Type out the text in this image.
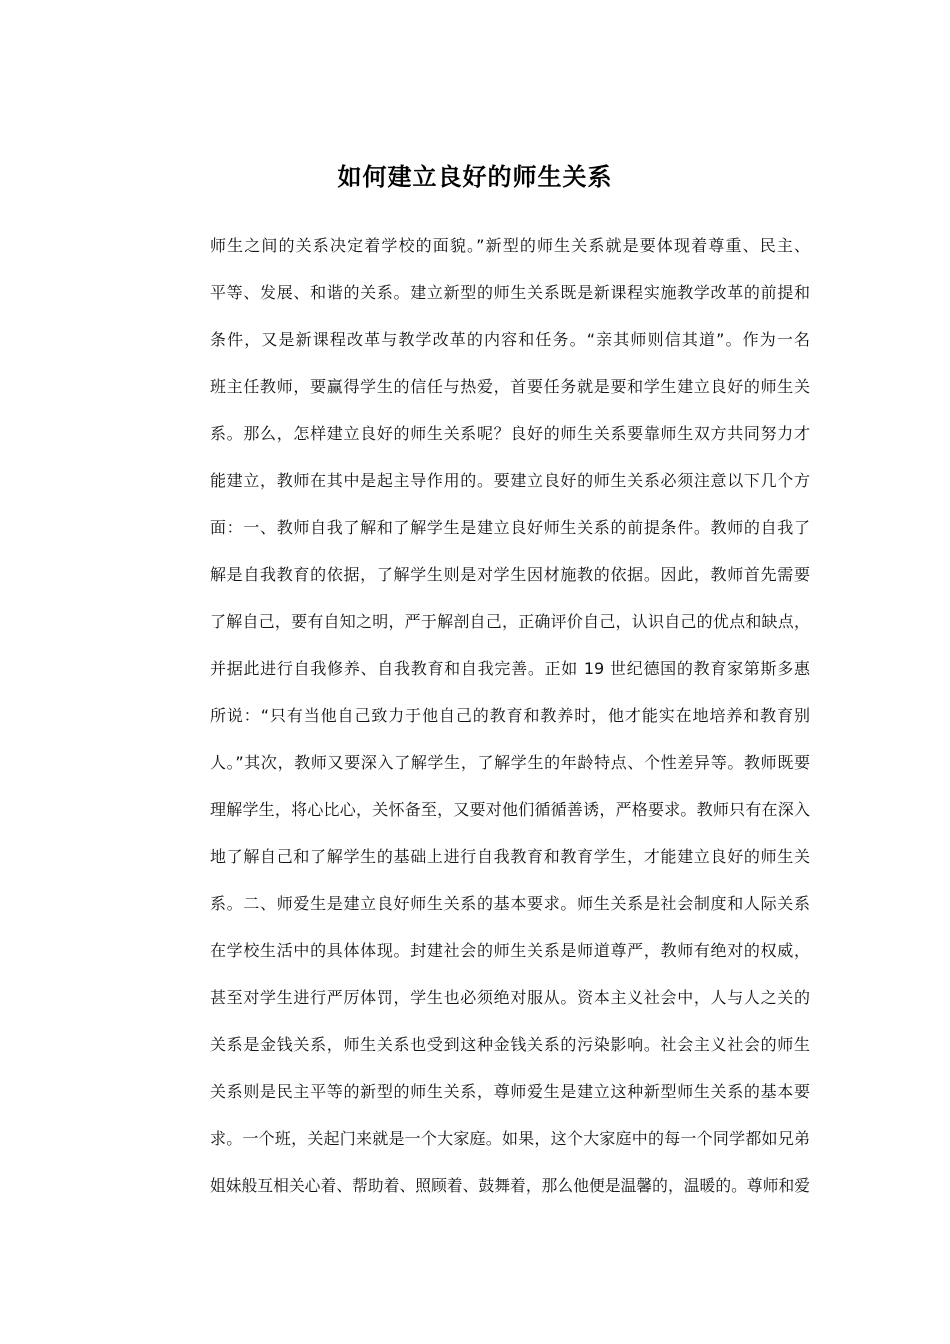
如何建立良好的师生关系
师生之间的关系决定着学校的面貌。”新型的师生关系就是要体现着尊重、民主、
平等、发展、和谐的关系。建立新型的师生关系既是新课程实施教学改革的前提和
条件，又是新课程改革与教学改革的内容和任务。“亲其师则信其道”。作为一名
班主任教师，要赢得学生的信任与热爱，首要任务就是要和学生建立良好的师生关
系。那么，怎样建立良好的师生关系呢？良好的师生关系要靠师生双方共同努力才
能建立，教师在其中是起主导作用的。要建立良好的师生关系必须注意以下几个方
面：一、教师自我了解和了解学生是建立良好师生关系的前提条件。教师的自我了
解是自我教育的依据，了解学生则是对学生因材施教的依据。因此，教师首先需要
了解自己，要有自知之明，严于解剖自己，正确评价自己，认识自己的优点和缺点，
并据此进行自我修养、自我教育和自我完善。正如 19 世纪德国的教育家第斯多惠
所说：“只有当他自己致力于他自己的教育和教养时，他才能实在地培养和教育别
人。”其次，教师又要深入了解学生，了解学生的年龄特点、个性差异等。教师既要
理解学生，将心比心，关怀备至，又要对他们循循善诱，严格要求。教师只有在深入
地了解自己和了解学生的基础上进行自我教育和教育学生，才能建立良好的师生关
系。二、师爱生是建立良好师生关系的基本要求。师生关系是社会制度和人际关系
在学校生活中的具体体现。封建社会的师生关系是师道尊严，教师有绝对的权威，
甚至对学生进行严厉体罚，学生也必须绝对服从。资本主义社会中，人与人之关的
关系是金钱关系，师生关系也受到这种金钱关系的污染影响。社会主义社会的师生
关系则是民主平等的新型的师生关系，尊师爱生是建立这种新型师生关系的基本要
求。一个班，关起门来就是一个大家庭。如果，这个大家庭中的每一个同学都如兄弟
姐妹般互相关心着、帮助着、照顾着、鼓舞着，那么他便是温馨的，温暖的。尊师和爱
